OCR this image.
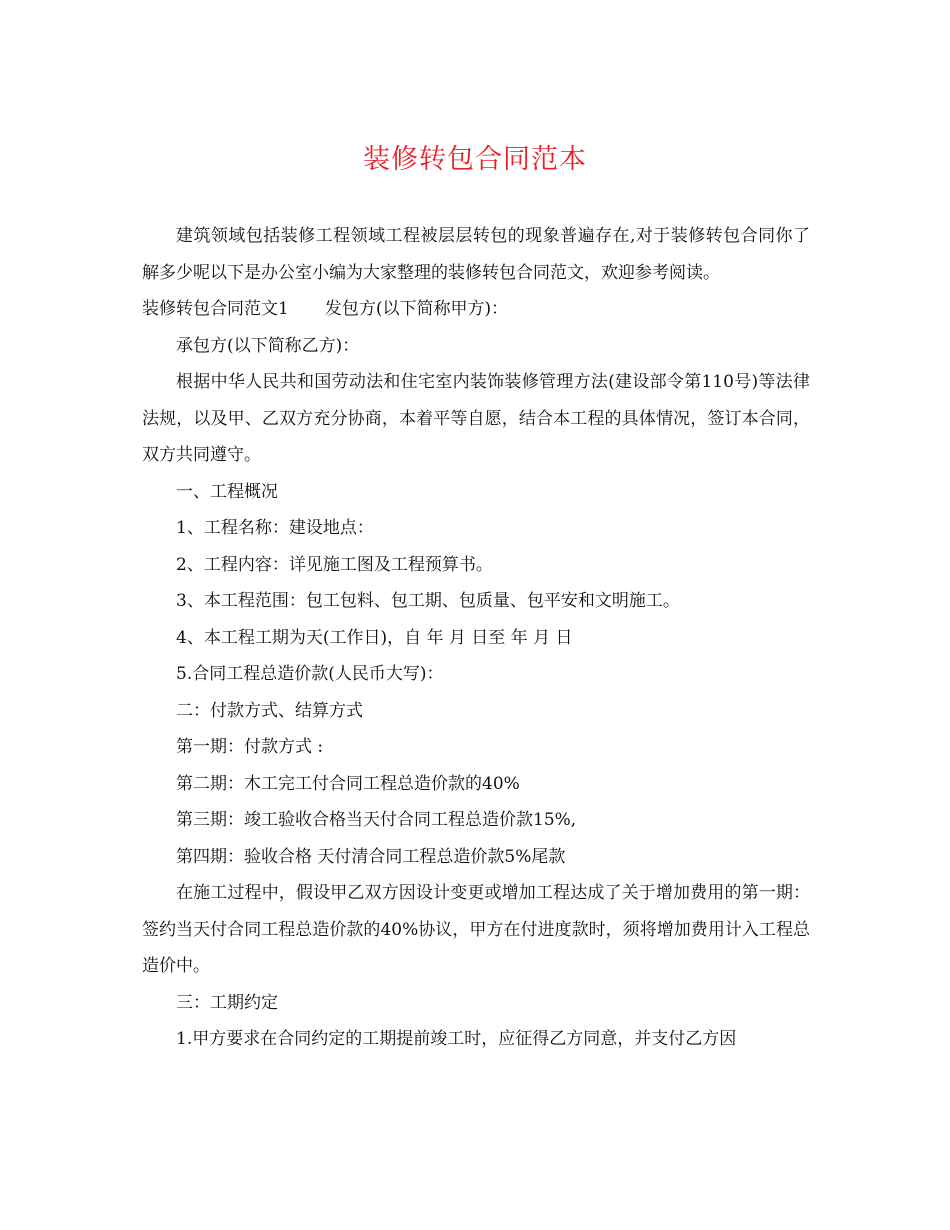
装修转包合同范本

建筑领域包括装修工程领域工程被层层转包的现象普遍存在,对于装修转包合同你了解多少呢以下是办公室小编为大家整理的装修转包合同范文，欢迎参考阅读。

装修转包合同范文1 发包方(以下简称甲方)：

承包方(以下简称乙方)：

根据中华人民共和国劳动法和住宅室内装饰装修管理方法(建设部令第110号)等法律法规，以及甲、乙双方充分协商，本着平等自愿，结合本工程的具体情况，签订本合同，双方共同遵守。

一、工程概况

1、工程名称：建设地点：

2、工程内容：详见施工图及工程预算书。

3、本工程范围：包工包料、包工期、包质量、包平安和文明施工。

4、本工程工期为天(工作日)，自 年 月 日至 年 月 日

5.合同工程总造价款(人民币大写)：

二：付款方式、结算方式

第一期：付款方式 :

第二期：木工完工付合同工程总造价款的40%

第三期：竣工验收合格当天付合同工程总造价款15%,

第四期：验收合格 天付清合同工程总造价款5%尾款

在施工过程中，假设甲乙双方因设计变更或增加工程达成了关于增加费用的第一期：签约当天付合同工程总造价款的40%协议，甲方在付进度款时，须将增加费用计入工程总造价中。

三：工期约定

1.甲方要求在合同约定的工期提前竣工时，应征得乙方同意，并支付乙方因
